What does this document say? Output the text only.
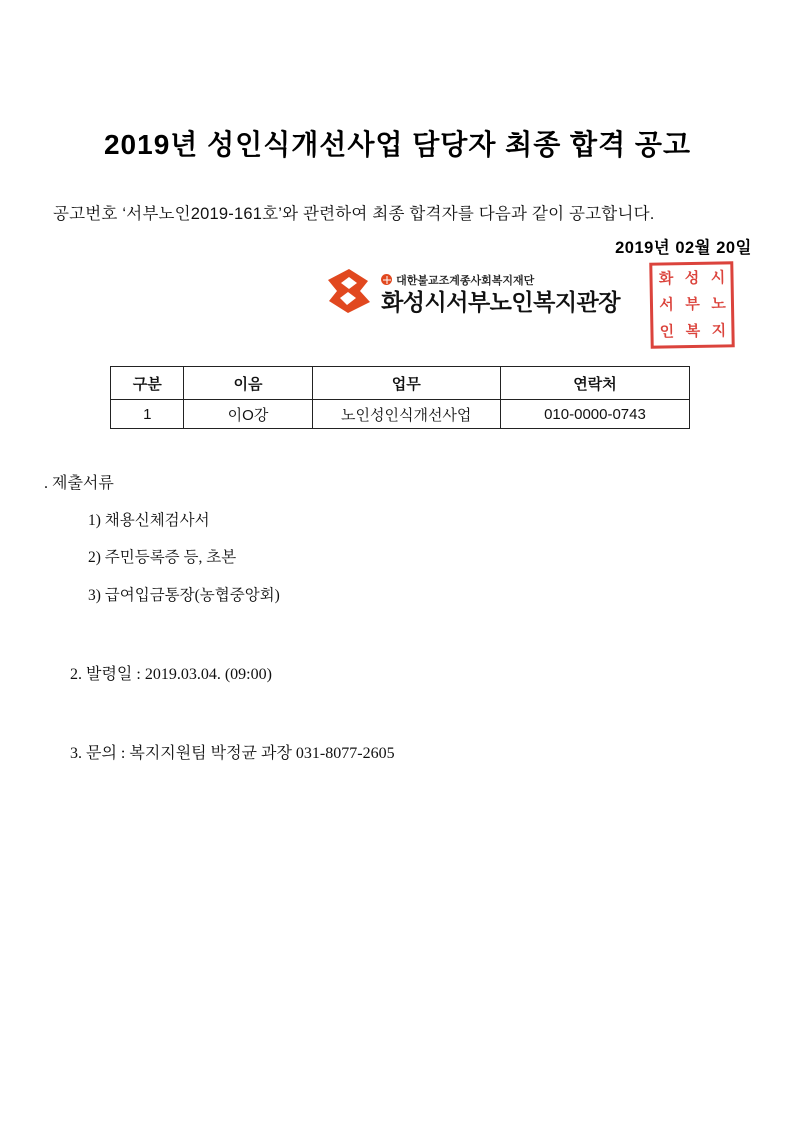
2019년 성인식개선사업 담당자 최종 합격 공고

공고번호 ‘서부노인2019-161호’와 관련하여 최종 합격자를 다음과 같이 공고합니다.

2019년 02월 20일
대한불교조계종사회복지재단
화성시서부노인복지관장
화 성 시
서 부 노
인 복 지
구분	이음	업무	연락처
1	이O강	노인성인식개선사업	010-0000-0743
. 제출서류
1) 채용신체검사서
2) 주민등록증 등, 초본
3) 급여입금통장(농협중앙회)
2. 발령일 : 2019.03.04. (09:00)
3. 문의 : 복지지원팀 박정균 과장 031-8077-2605
